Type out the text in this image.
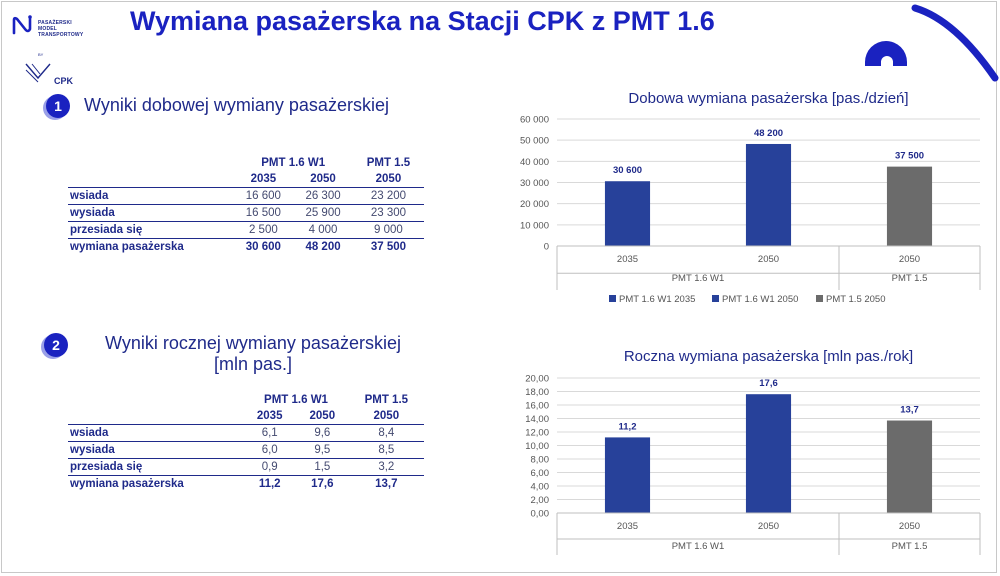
PASAŻERSKI
MODEL
TRANSPORTOWY
BY
CPK
Wymiana pasażerska na Stacji CPK z PMT 1.6
1	Wyniki dobowej wymiany pasażerskiej
	PMT 1.6 W1		PMT 1.5
	2035	2050	2050
wsiada	16 600	26 300	23 200
wysiada	16 500	25 900	23 300
przesiada się	2 500	4 000	9 000
wymiana pasażerska	30 600	48 200	37 500
2	Wyniki rocznej wymiany pasażerskiej
[mln pas.]
	PMT 1.6 W1		PMT 1.5
	2035	2050	2050
wsiada	6,1	9,6	8,4
wysiada	6,0	9,5	8,5
przesiada się	0,9	1,5	3,2
wymiana pasażerska	11,2	17,6	13,7
Dobowa wymiana pasażerska [pas./dzień]
0
10 000
20 000
30 000
40 000
50 000
60 000
30 600
2035
48 200
2050
37 500
2050
PMT 1.6 W1	PMT 1.5
PMT 1.6 W1 2035	PMT 1.6 W1 2050	PMT 1.5 2050
Roczna wymiana pasażerska [mln pas./rok]
0,00
2,00
4,00
6,00
8,00
10,00
12,00
14,00
16,00
18,00
20,00
11,2
2035
17,6
2050
13,7
2050
PMT 1.6 W1	PMT 1.5
